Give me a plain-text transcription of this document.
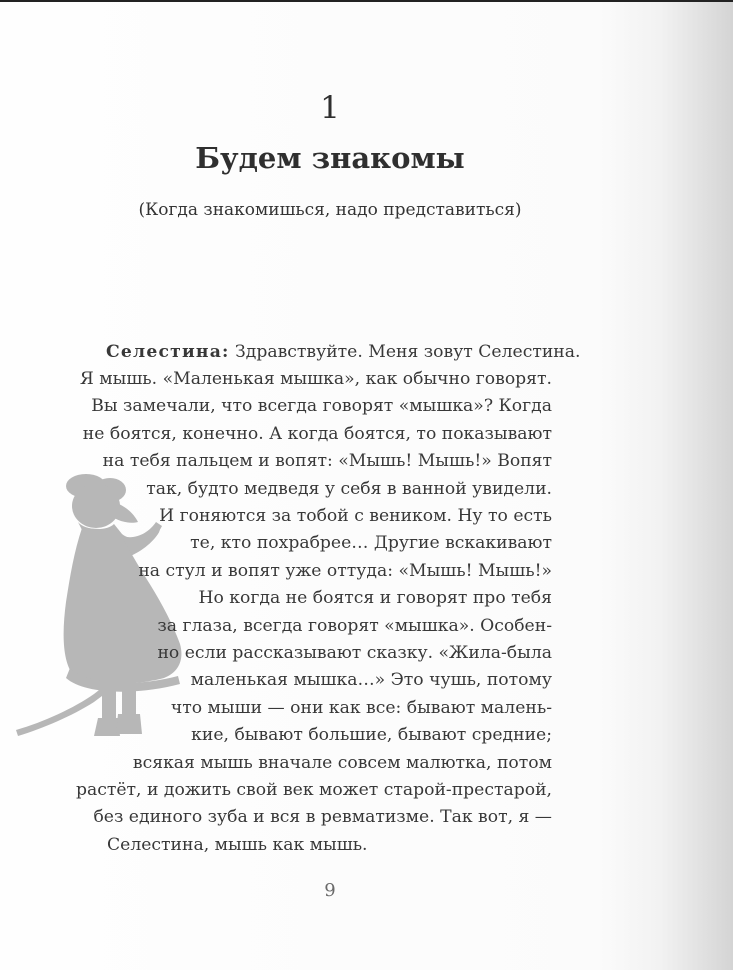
1
Будем знакомы
(Когда знакомишься, надо представиться)
Селестина: Здравствуйте. Меня зовут Селестина.
Я мышь. «Маленькая мышка», как обычно говорят.
Вы замечали, что всегда говорят «мышка»? Когда
не боятся, конечно. А когда боятся, то показывают
на тебя пальцем и вопят: «Мышь! Мышь!» Вопят
так, будто медведя у себя в ванной увидели.
И гоняются за тобой с веником. Ну то есть
те, кто похрабрее… Другие вскакивают
на стул и вопят уже оттуда: «Мышь! Мышь!»
Но когда не боятся и говорят про тебя
за глаза, всегда говорят «мышка». Особен-
но если рассказывают сказку. «Жила-была
маленькая мышка…» Это чушь, потому
что мыши — они как все: бывают малень-
кие, бывают большие, бывают средние;
всякая мышь вначале совсем малютка, потом
растёт, и дожить свой век может старой-престарой,
без единого зуба и вся в ревматизме. Так вот, я —
Селестина, мышь как мышь.
9
